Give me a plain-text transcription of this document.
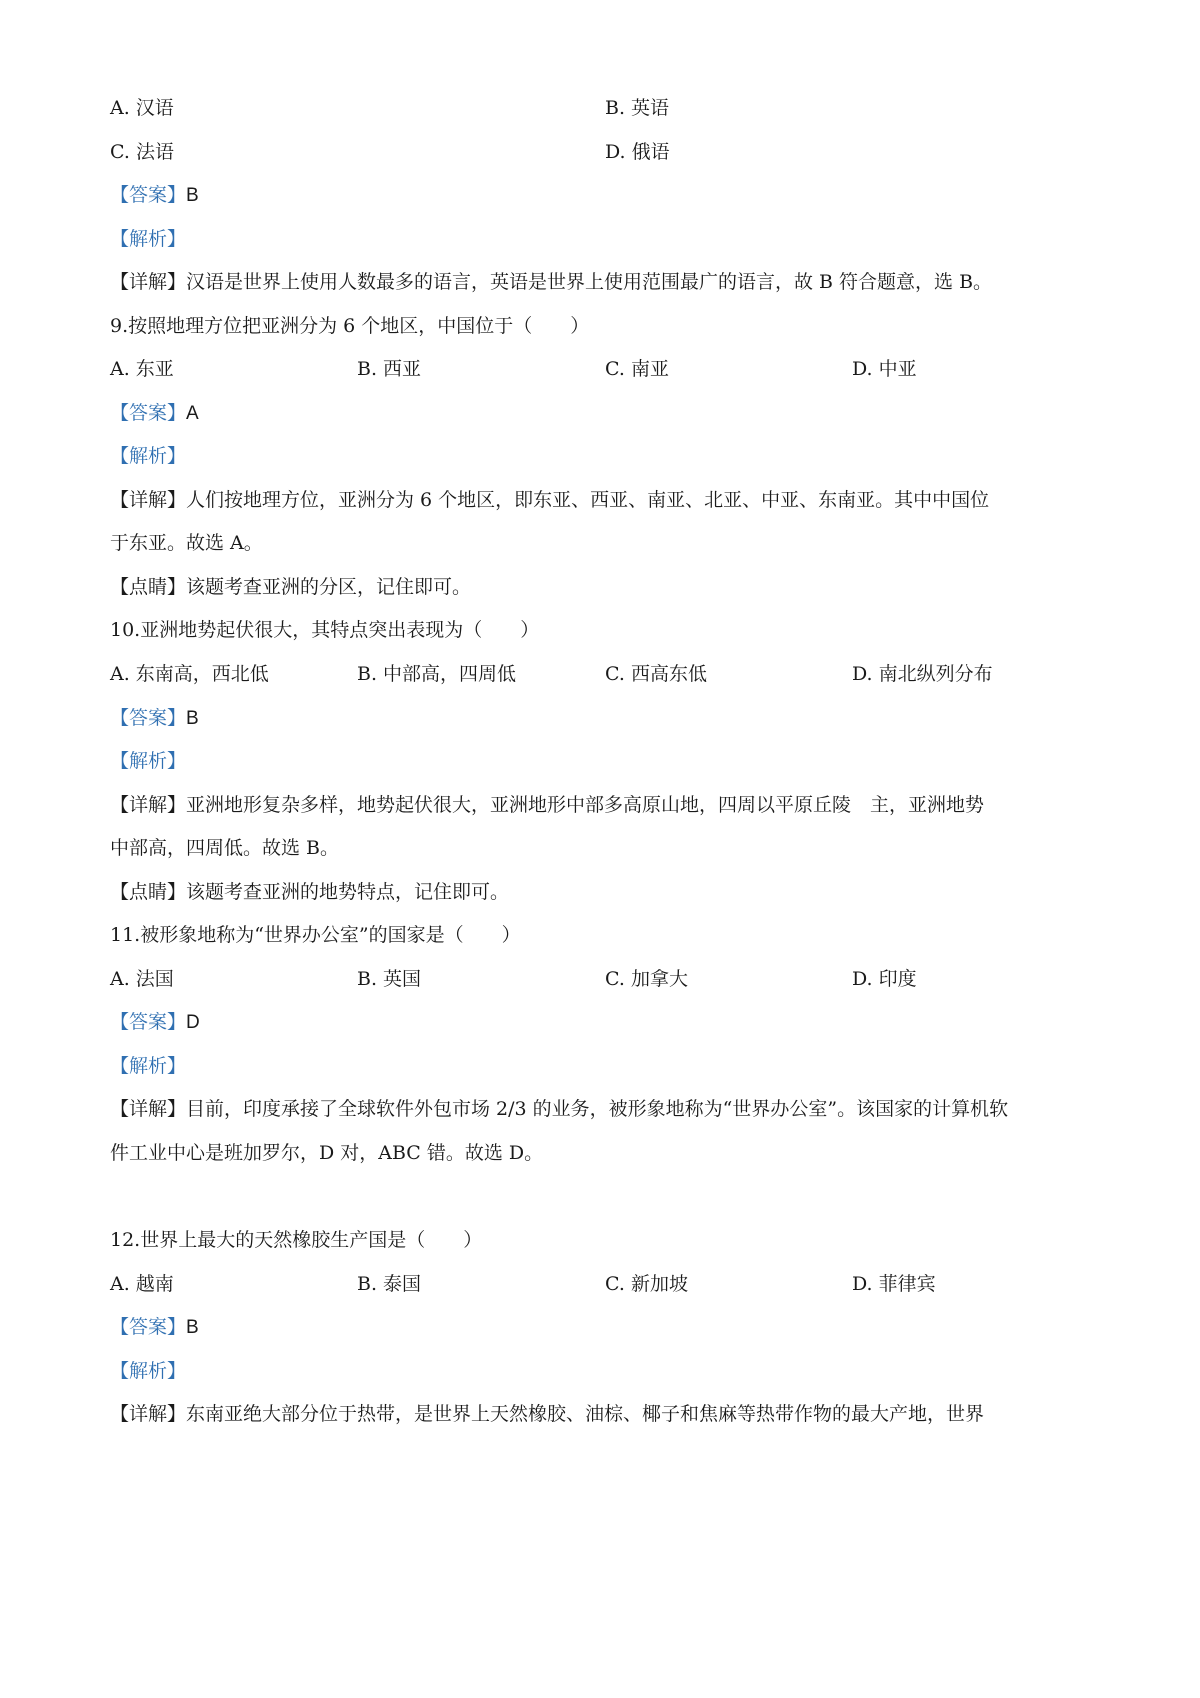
A. 汉语	B. 英语
C. 法语	D. 俄语
【答案】B
【解析】
【详解】汉语是世界上使用人数最多的语言，英语是世界上使用范围最广的语言，故 B 符合题意，选 B。
9.按照地理方位把亚洲分为 6 个地区，中国位于（　　）
A. 东亚	B. 西亚	C. 南亚	D. 中亚
【答案】A
【解析】
【详解】人们按地理方位，亚洲分为 6 个地区，即东亚、西亚、南亚、北亚、中亚、东南亚。其中中国位
于东亚。故选 A。
【点睛】该题考查亚洲的分区，记住即可。
10.亚洲地势起伏很大，其特点突出表现为（　　）
A. 东南高，西北低	B. 中部高，四周低	C. 西高东低	D. 南北纵列分布
【答案】B
【解析】
【详解】亚洲地形复杂多样，地势起伏很大，亚洲地形中部多高原山地，四周以平原丘陵　主，亚洲地势
中部高，四周低。故选 B。
【点睛】该题考查亚洲的地势特点，记住即可。
11.被形象地称为“世界办公室”的国家是（　　）
A. 法国	B. 英国	C. 加拿大	D. 印度
【答案】D
【解析】
【详解】目前，印度承接了全球软件外包市场 2/3 的业务，被形象地称为“世界办公室”。该国家的计算机软
件工业中心是班加罗尔，D 对，ABC 错。故选 D。
12.世界上最大的天然橡胶生产国是（　　）
A. 越南	B. 泰国	C. 新加坡	D. 菲律宾
【答案】B
【解析】
【详解】东南亚绝大部分位于热带，是世界上天然橡胶、油棕、椰子和焦麻等热带作物的最大产地，世界
